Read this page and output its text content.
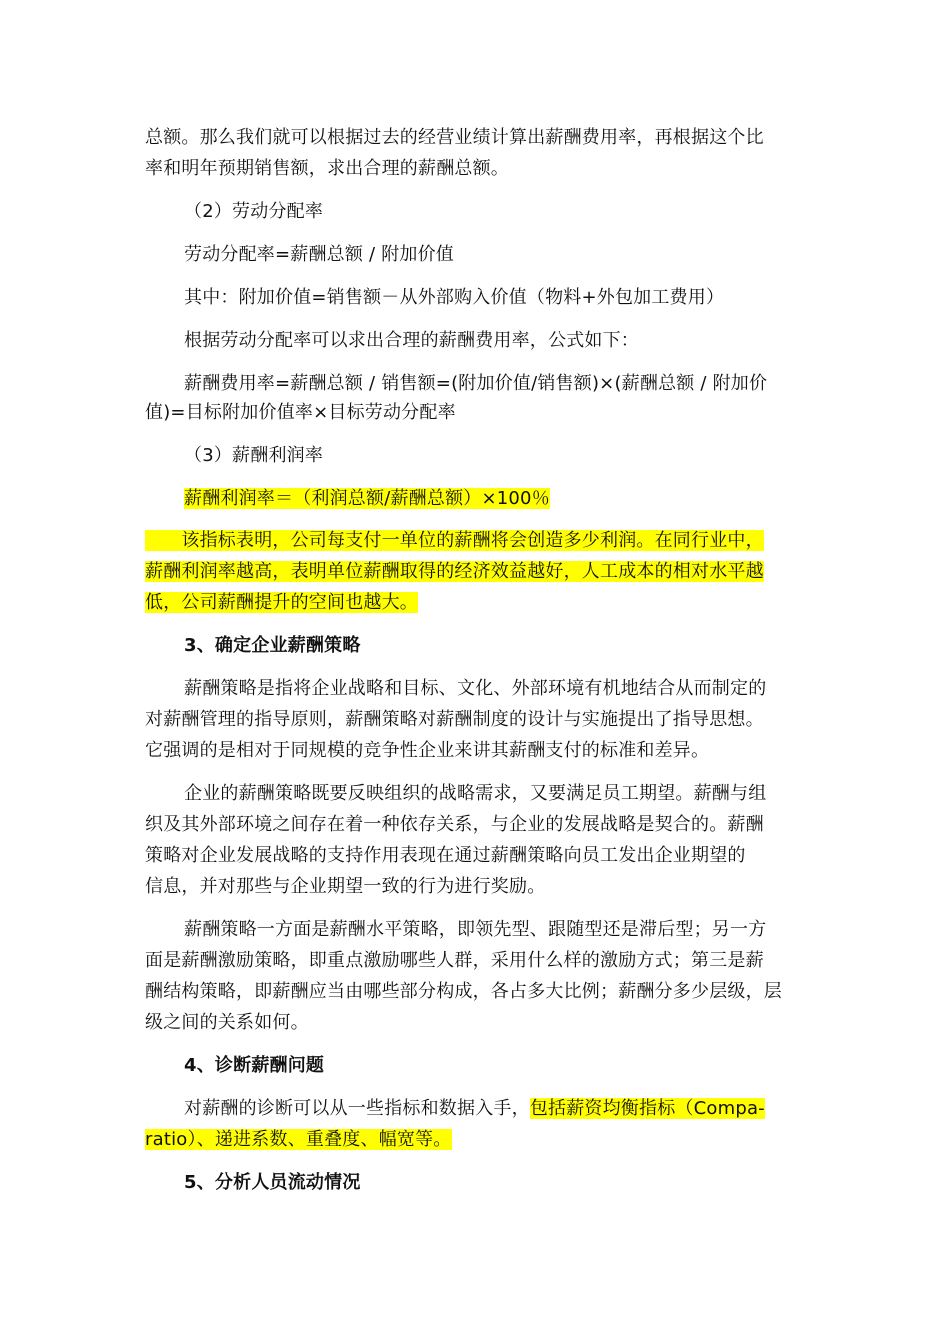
总额。那么我们就可以根据过去的经营业绩计算出薪酬费用率，再根据这个比
率和明年预期销售额，求出合理的薪酬总额。
（2）劳动分配率
劳动分配率=薪酬总额 / 附加价值
其中：附加价值=销售额－从外部购入价值（物料+外包加工费用）
根据劳动分配率可以求出合理的薪酬费用率，公式如下：
薪酬费用率=薪酬总额 / 销售额=(附加价值/销售额)×(薪酬总额 / 附加价
值)=目标附加价值率×目标劳动分配率
（3）薪酬利润率
薪酬利润率＝（利润总额/薪酬总额）×100％
　　该指标表明，公司每支付一单位的薪酬将会创造多少利润。在同行业中，
薪酬利润率越高，表明单位薪酬取得的经济效益越好，人工成本的相对水平越
低，公司薪酬提升的空间也越大。
3、确定企业薪酬策略
薪酬策略是指将企业战略和目标、文化、外部环境有机地结合从而制定的
对薪酬管理的指导原则，薪酬策略对薪酬制度的设计与实施提出了指导思想。
它强调的是相对于同规模的竞争性企业来讲其薪酬支付的标准和差异。
企业的薪酬策略既要反映组织的战略需求，又要满足员工期望。薪酬与组
织及其外部环境之间存在着一种依存关系，与企业的发展战略是契合的。薪酬
策略对企业发展战略的支持作用表现在通过薪酬策略向员工发出企业期望的
信息，并对那些与企业期望一致的行为进行奖励。
薪酬策略一方面是薪酬水平策略，即领先型、跟随型还是滞后型；另一方
面是薪酬激励策略，即重点激励哪些人群，采用什么样的激励方式；第三是薪
酬结构策略，即薪酬应当由哪些部分构成，各占多大比例；薪酬分多少层级，层
级之间的关系如何。
4、诊断薪酬问题
对薪酬的诊断可以从一些指标和数据入手，包括薪资均衡指标（Compa-
ratio）、递进系数、重叠度、幅宽等。
5、分析人员流动情况
